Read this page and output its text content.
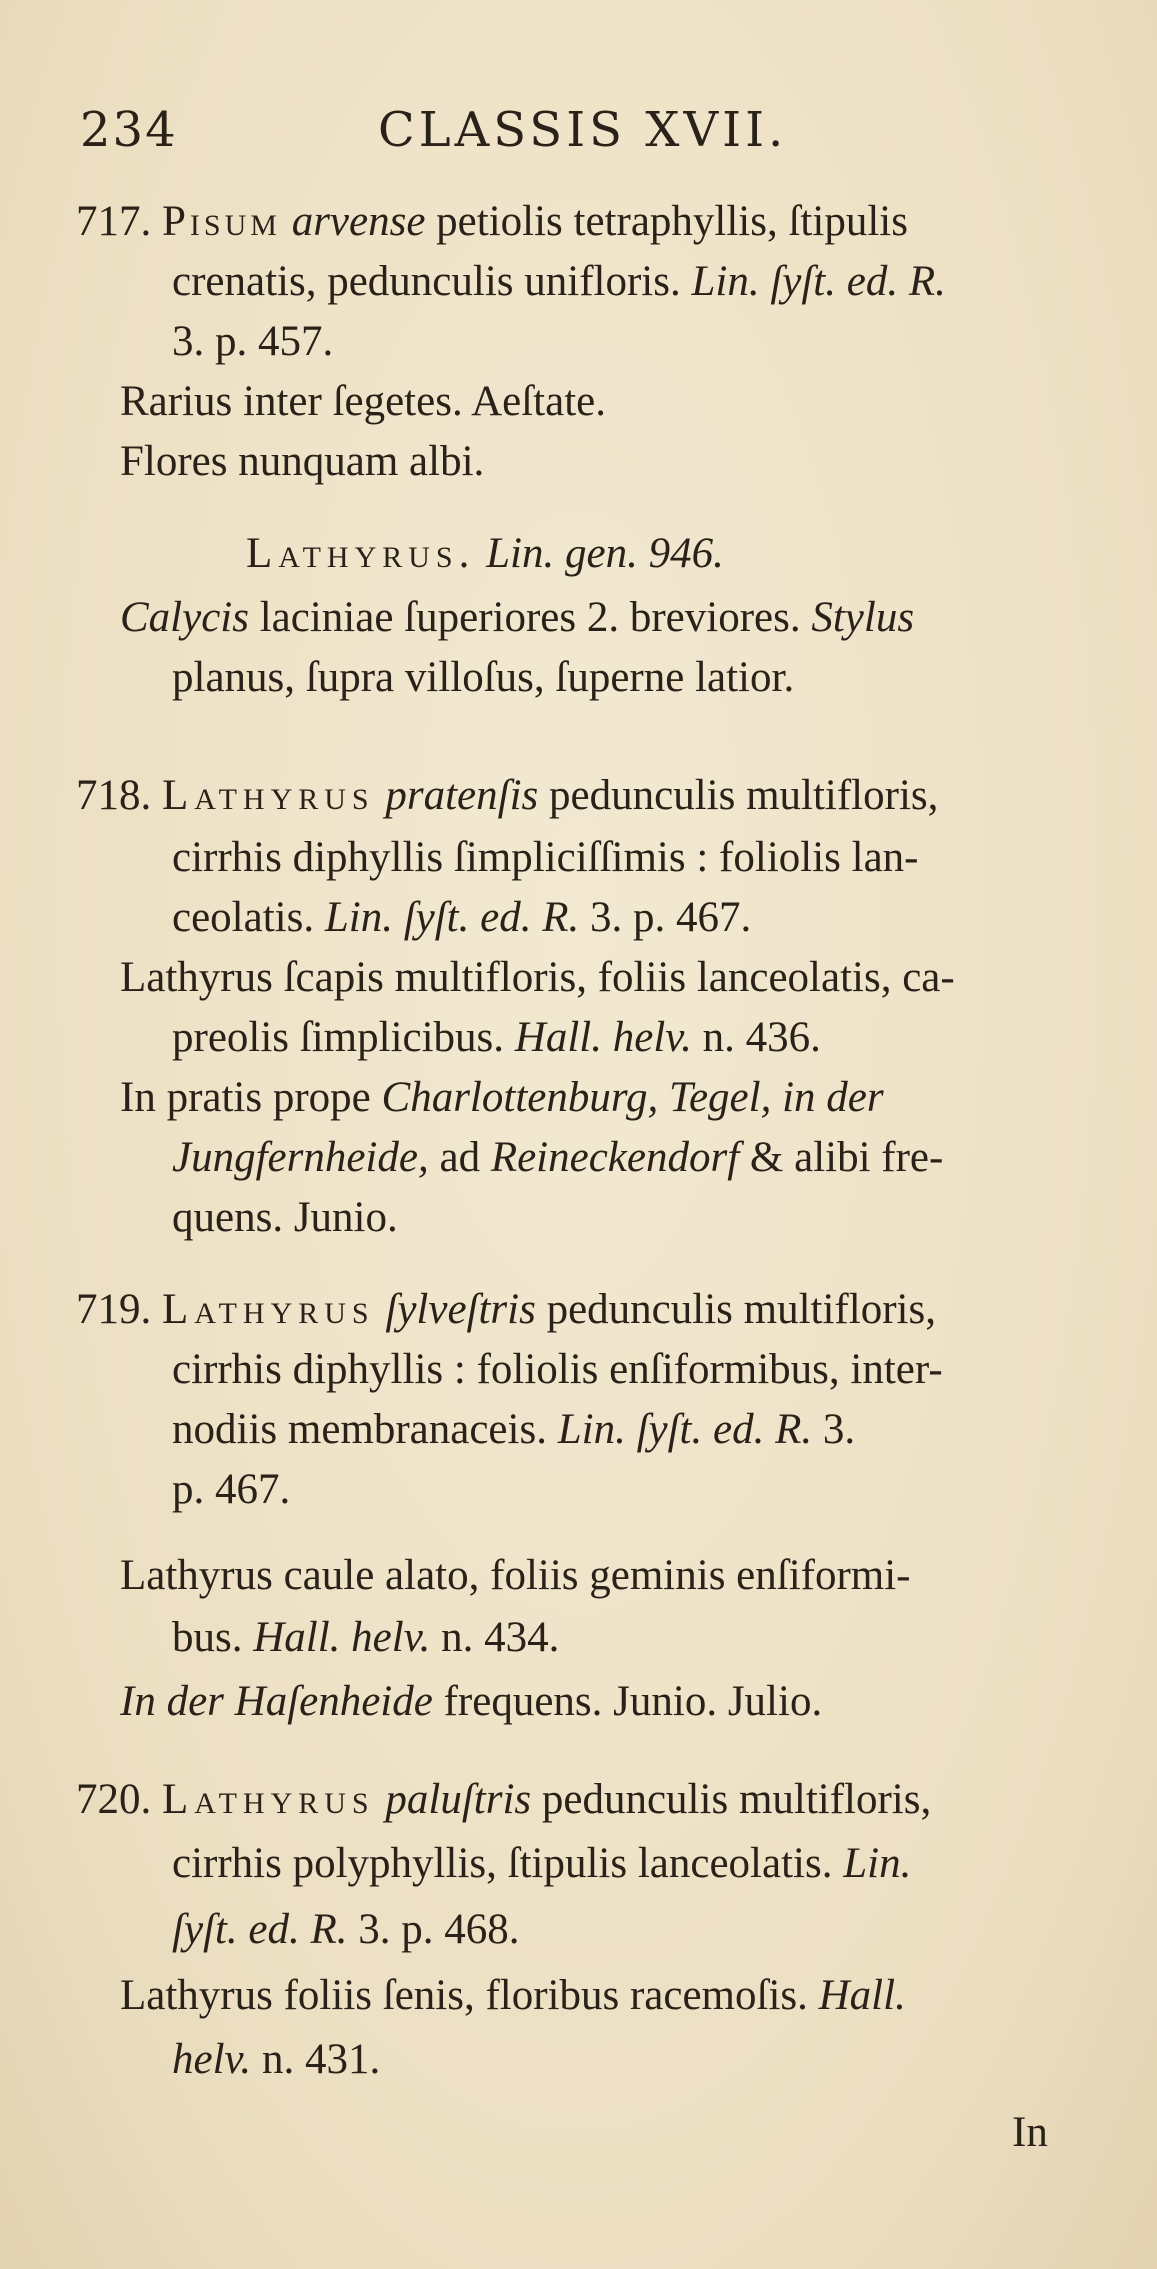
234	CLASSIS XVII.
717. Pisum arvense petiolis tetraphyllis, ſtipulis
crenatis, pedunculis unifloris. Lin. ſyſt. ed. R.
3. p. 457.
Rarius inter ſegetes. Aeſtate.
Flores nunquam albi.
Lathyrus. Lin. gen. 946.
Calycis laciniae ſuperiores 2. breviores. Stylus
planus, ſupra villoſus, ſuperne latior.
718. Lathyrus pratenſis pedunculis multifloris,
cirrhis diphyllis ſimpliciſſimis : foliolis lan-
ceolatis. Lin. ſyſt. ed. R. 3. p. 467.
Lathyrus ſcapis multifloris, foliis lanceolatis, ca-
preolis ſimplicibus. Hall. helv. n. 436.
In pratis prope Charlottenburg, Tegel, in der
Jungfernheide, ad Reineckendorf & alibi fre-
quens. Junio.
719. Lathyrus ſylveſtris pedunculis multifloris,
cirrhis diphyllis : foliolis enſiformibus, inter-
nodiis membranaceis. Lin. ſyſt. ed. R. 3.
p. 467.
Lathyrus caule alato, foliis geminis enſiformi-
bus. Hall. helv. n. 434.
In der Haſenheide frequens. Junio. Julio.
720. Lathyrus paluſtris pedunculis multifloris,
cirrhis polyphyllis, ſtipulis lanceolatis. Lin.
ſyſt. ed. R. 3. p. 468.
Lathyrus foliis ſenis, floribus racemoſis. Hall.
helv. n. 431.
In
